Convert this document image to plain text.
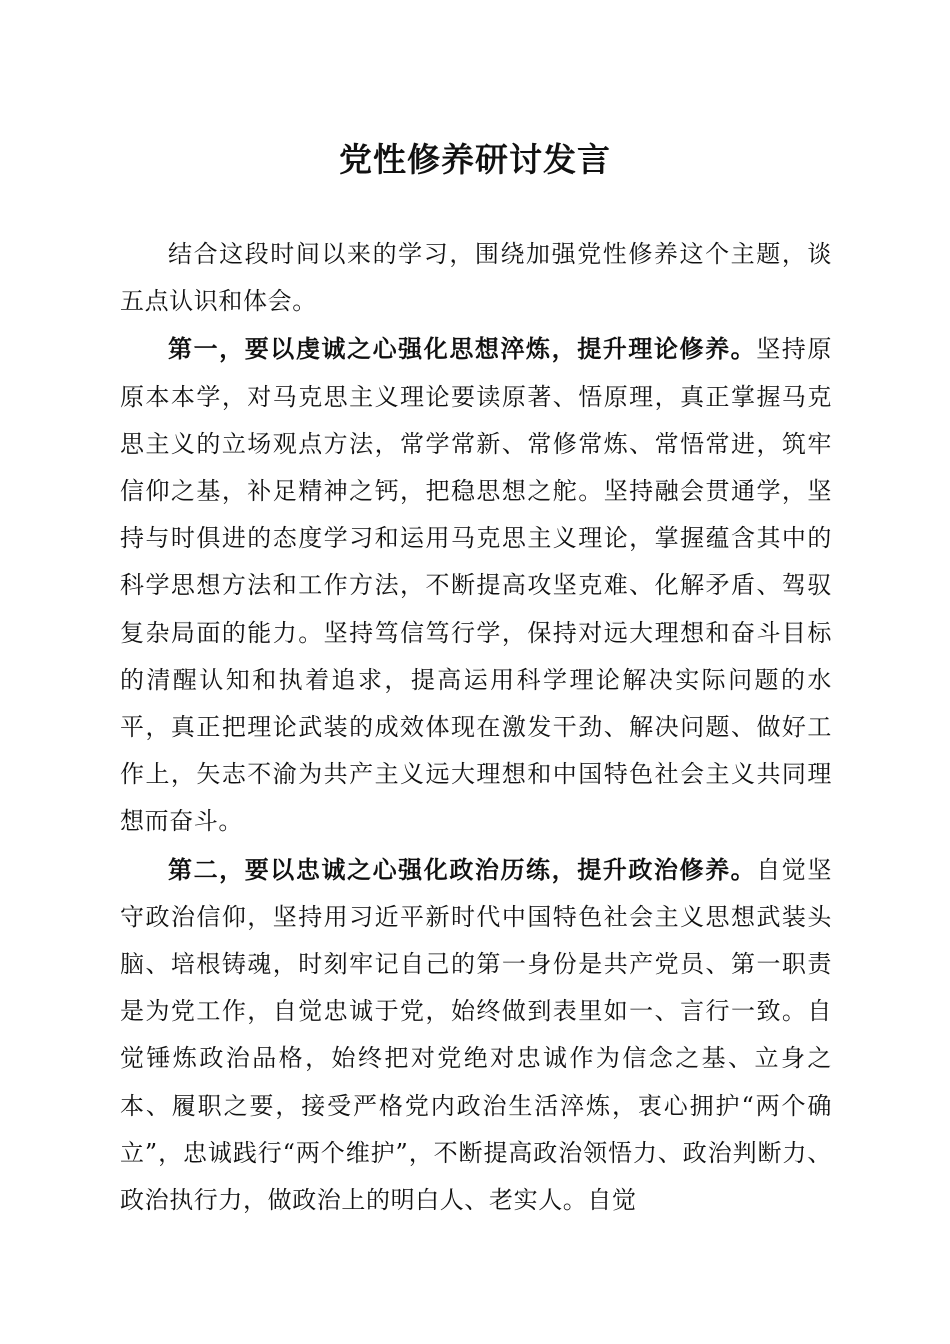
党性修养研讨发言

结合这段时间以来的学习，围绕加强党性修养这个主题，谈五点认识和体会。

第一，要以虔诚之心强化思想淬炼，提升理论修养。坚持原原本本学，对马克思主义理论要读原著、悟原理，真正掌握马克思主义的立场观点方法，常学常新、常修常炼、常悟常进，筑牢信仰之基，补足精神之钙，把稳思想之舵。坚持融会贯通学，坚持与时俱进的态度学习和运用马克思主义理论，掌握蕴含其中的科学思想方法和工作方法，不断提高攻坚克难、化解矛盾、驾驭复杂局面的能力。坚持笃信笃行学，保持对远大理想和奋斗目标的清醒认知和执着追求，提高运用科学理论解决实际问题的水平，真正把理论武装的成效体现在激发干劲、解决问题、做好工作上，矢志不渝为共产主义远大理想和中国特色社会主义共同理想而奋斗。

第二，要以忠诚之心强化政治历练，提升政治修养。自觉坚守政治信仰，坚持用习近平新时代中国特色社会主义思想武装头脑、培根铸魂，时刻牢记自己的第一身份是共产党员、第一职责是为党工作，自觉忠诚于党，始终做到表里如一、言行一致。自觉锤炼政治品格，始终把对党绝对忠诚作为信念之基、立身之本、履职之要，接受严格党内政治生活淬炼，衷心拥护“两个确立”，忠诚践行“两个维护”，不断提高政治领悟力、政治判断力、政治执行力，做政治上的明白人、老实人。自觉
